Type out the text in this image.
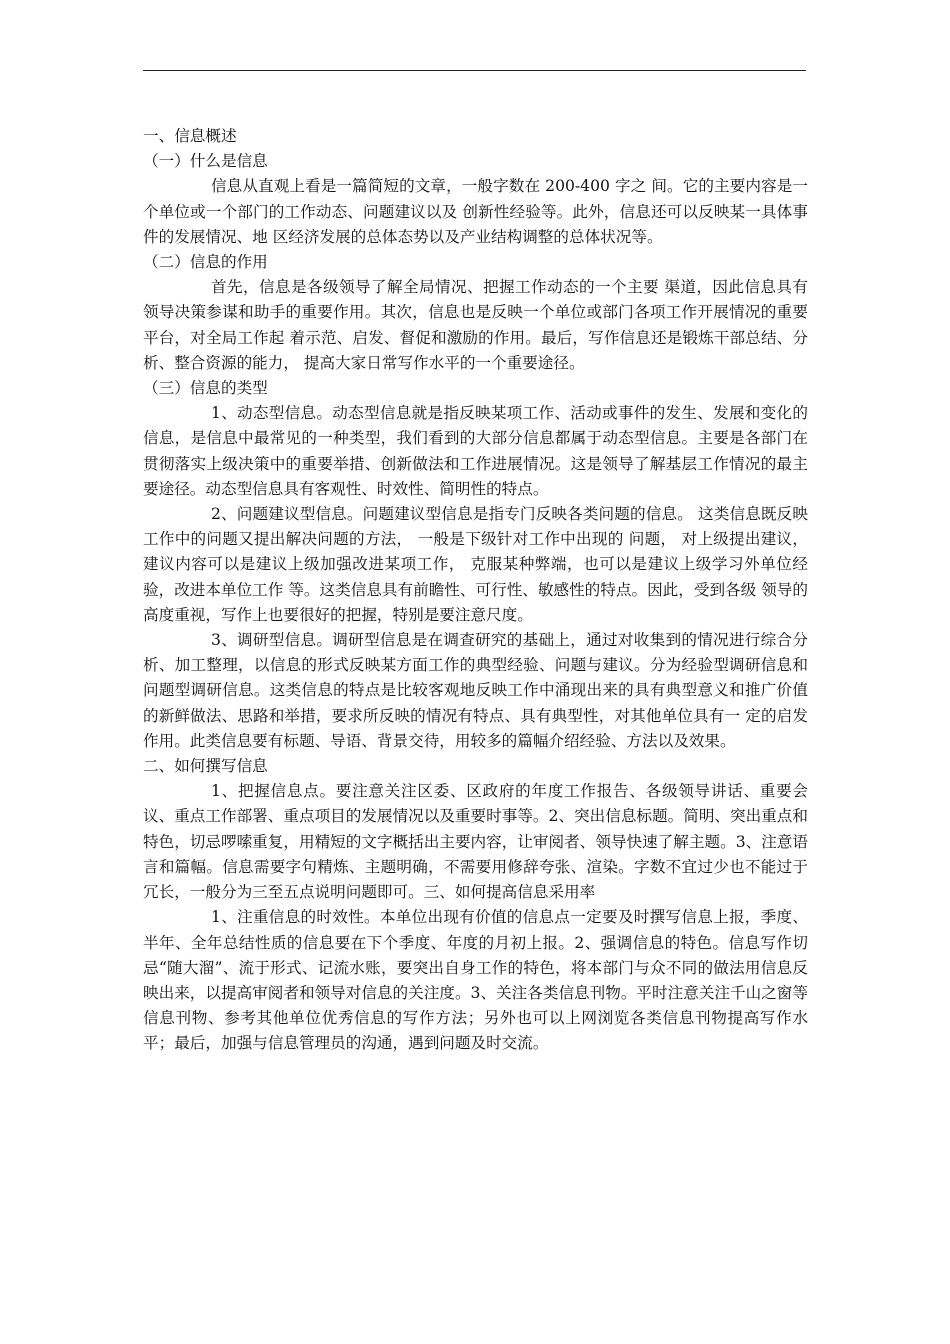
一、信息概述

（一）什么是信息

信息从直观上看是一篇简短的文章，一般字数在 200-400 字之 间。它的主要内容是一个单位或一个部门的工作动态、问题建议以及 创新性经验等。此外，信息还可以反映某一具体事件的发展情况、地 区经济发展的总体态势以及产业结构调整的总体状况等。

（二）信息的作用

首先，信息是各级领导了解全局情况、把握工作动态的一个主要 渠道，因此信息具有领导决策参谋和助手的重要作用。其次，信息也是反映一个单位或部门各项工作开展情况的重要平台，对全局工作起 着示范、启发、督促和激励的作用。最后，写作信息还是锻炼干部总结、分析、整合资源的能力， 提高大家日常写作水平的一个重要途径。

（三）信息的类型

1、动态型信息。动态型信息就是指反映某项工作、活动或事件的发生、发展和变化的信息，是信息中最常见的一种类型，我们看到的大部分信息都属于动态型信息。主要是各部门在贯彻落实上级决策中的重要举措、创新做法和工作进展情况。这是领导了解基层工作情况的最主要途径。动态型信息具有客观性、时效性、简明性的特点。

2、问题建议型信息。问题建议型信息是指专门反映各类问题的信息。 这类信息既反映 工作中的问题又提出解决问题的方法， 一般是下级针对工作中出现的 问题， 对上级提出建议， 建议内容可以是建议上级加强改进某项工作， 克服某种弊端，也可以是建议上级学习外单位经验，改进本单位工作 等。这类信息具有前瞻性、可行性、敏感性的特点。因此，受到各级 领导的高度重视，写作上也要很好的把握，特别是要注意尺度。

3、调研型信息。调研型信息是在调查研究的基础上，通过对收集到的情况进行综合分析、加工整理，以信息的形式反映某方面工作的典型经验、问题与建议。分为经验型调研信息和问题型调研信息。这类信息的特点是比较客观地反映工作中涌现出来的具有典型意义和推广价值的新鲜做法、思路和举措，要求所反映的情况有特点、具有典型性，对其他单位具有一 定的启发作用。此类信息要有标题、导语、背景交待，用较多的篇幅介绍经验、方法以及效果。

二、如何撰写信息

1、把握信息点。要注意关注区委、区政府的年度工作报告、各级领导讲话、重要会议、重点工作部署、重点项目的发展情况以及重要时事等。2、突出信息标题。简明、突出重点和特色，切忌啰嗦重复，用精短的文字概括出主要内容，让审阅者、领导快速了解主题。3、注意语言和篇幅。信息需要字句精炼、主题明确，不需要用修辞夸张、渲染。字数不宜过少也不能过于冗长，一般分为三至五点说明问题即可。三、如何提高信息采用率

1、注重信息的时效性。本单位出现有价值的信息点一定要及时撰写信息上报，季度、半年、全年总结性质的信息要在下个季度、年度的月初上报。2、强调信息的特色。信息写作切忌“随大溜”、流于形式、记流水账，要突出自身工作的特色，将本部门与众不同的做法用信息反映出来，以提高审阅者和领导对信息的关注度。3、关注各类信息刊物。平时注意关注千山之窗等信息刊物、参考其他单位优秀信息的写作方法；另外也可以上网浏览各类信息刊物提高写作水平；最后，加强与信息管理员的沟通，遇到问题及时交流。
